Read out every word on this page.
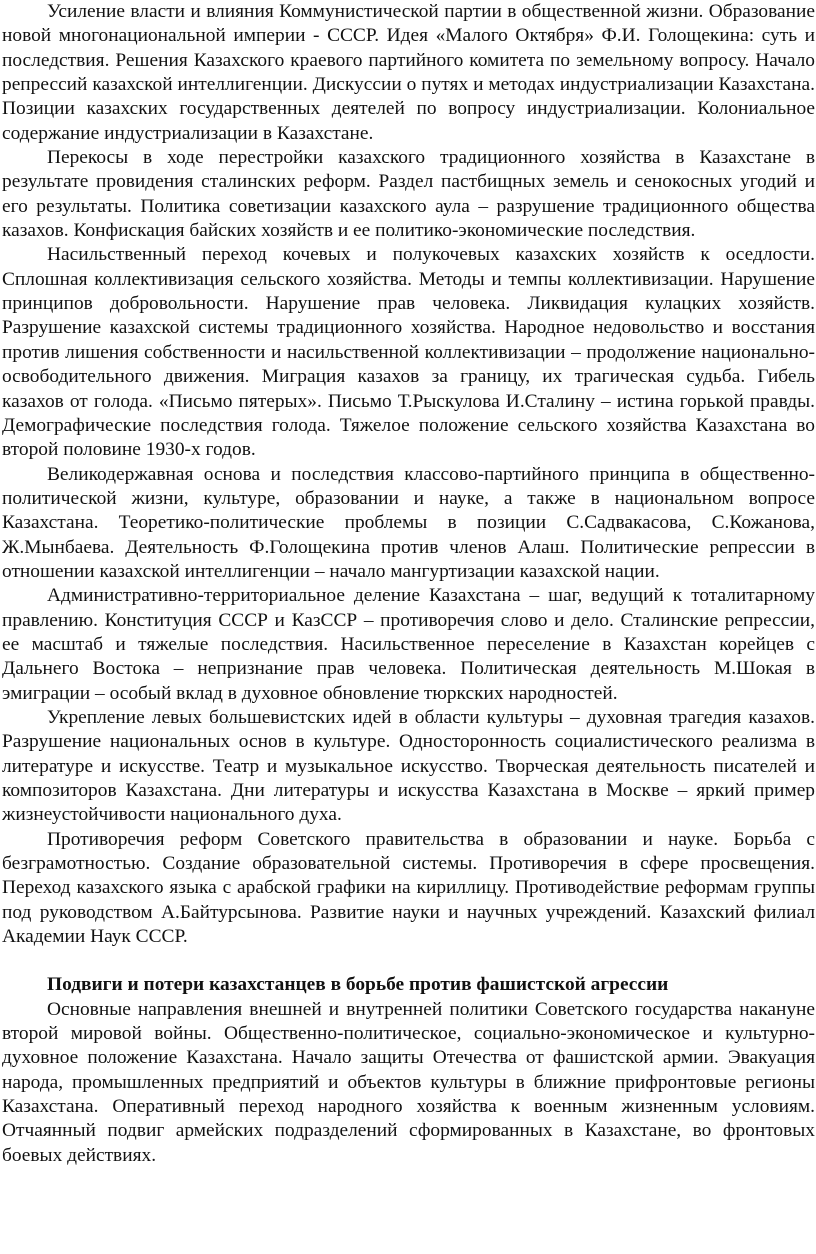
Усиление власти и влияния Коммунистической партии в общественной жизни. Образование новой многонациональной империи - СССР. Идея «Малого Октября» Ф.И. Голощекина: суть и последствия. Решения Казахского краевого партийного комитета по земельному вопросу. Начало репрессий казахской интеллигенции. Дискуссии о путях и методах индустриализации Казахстана. Позиции казахских государственных деятелей по вопросу индустриализации. Колониальное содержание индустриализации в Казахстане.

Перекосы в ходе перестройки казахского традиционного хозяйства в Казахстане в результате провидения сталинских реформ. Раздел пастбищных земель и сенокосных угодий и его результаты. Политика советизации казахского аула – разрушение традиционного общества казахов. Конфискация байских хозяйств и ее политико-экономические последствия.

Насильственный переход кочевых и полукочевых казахских хозяйств к оседлости. Сплошная коллективизация сельского хозяйства. Методы и темпы коллективизации. Нарушение принципов добровольности. Нарушение прав человека. Ликвидация кулацких хозяйств. Разрушение казахской системы традиционного хозяйства. Народное недовольство и восстания против лишения собственности и насильственной коллективизации – продолжение национально-освободительного движения. Миграция казахов за границу, их трагическая судьба. Гибель казахов от голода. «Письмо пятерых». Письмо Т.Рыскулова И.Сталину – истина горькой правды. Демографические последствия голода. Тяжелое положение сельского хозяйства Казахстана во второй половине 1930-х годов.

Великодержавная основа и последствия классово-партийного принципа в общественно-политической жизни, культуре, образовании и науке, а также в национальном вопросе Казахстана. Теоретико-политические проблемы в позиции С.Садвакасова, С.Кожанова, Ж.Мынбаева. Деятельность Ф.Голощекина против членов Алаш. Политические репрессии в отношении казахской интеллигенции – начало мангуртизации казахской нации.

Административно-территориальное деление Казахстана – шаг, ведущий к тоталитарному правлению. Конституция СССР и КазССР – противоречия слово и дело. Сталинские репрессии, ее масштаб и тяжелые последствия. Насильственное переселение в Казахстан корейцев с Дальнего Востока – непризнание прав человека. Политическая деятельность М.Шокая в эмиграции – особый вклад в духовное обновление тюркских народностей.

Укрепление левых большевистских идей в области культуры – духовная трагедия казахов. Разрушение национальных основ в культуре. Односторонность социалистического реализма в литературе и искусстве. Театр и музыкальное искусство. Творческая деятельность писателей и композиторов Казахстана. Дни литературы и искусства Казахстана в Москве – яркий пример жизнеустойчивости национального духа.

Противоречия реформ Советского правительства в образовании и науке. Борьба с безграмотностью. Создание образовательной системы. Противоречия в сфере просвещения. Переход казахского языка с арабской графики на кириллицу. Противодействие реформам группы под руководством А.Байтурсынова. Развитие науки и научных учреждений. Казахский филиал Академии Наук СССР.

Подвиги и потери казахстанцев в борьбе против фашистской агрессии

Основные направления внешней и внутренней политики Советского государства накануне второй мировой войны. Общественно-политическое, социально-экономическое и культурно-духовное положение Казахстана. Начало защиты Отечества от фашистской армии. Эвакуация народа, промышленных предприятий и объектов культуры в ближние прифронтовые регионы Казахстана. Оперативный переход народного хозяйства к военным жизненным условиям. Отчаянный подвиг армейских подразделений сформированных в Казахстане, во фронтовых боевых действиях.
